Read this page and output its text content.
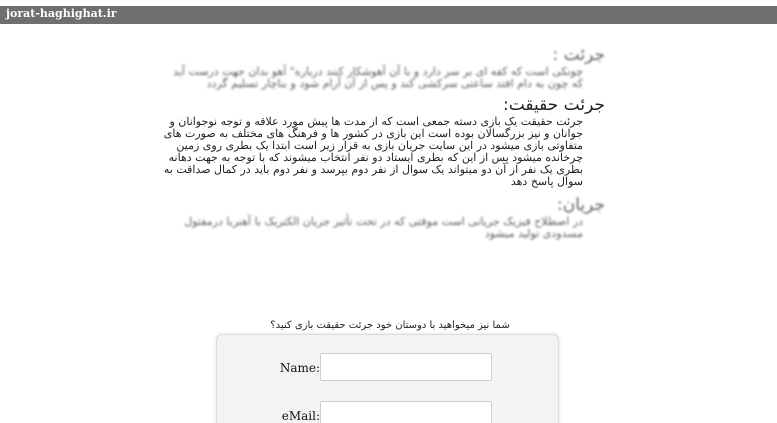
jorat-haghighat.ir
جرئت :
چونکی است که کفه ای بر سر دارد و با آن آهوشکار کنند درباره" آهو بدان جهت درست آید که چون به دام افتد ساعتی سرکشی کند و پس از آن آرام شود و بناچار تسلیم گردد
جرئت حقیقت:
جرئت حقیقت یک بازی دسته جمعی است که از مدت ها پیش مورد علاقه و توجه نوجوانان و جوانان و نیز بزرگسالان بوده است این بازی در کشور ها و فرهنگ های مختلف به صورت های متفاوتی بازی میشود در این سایت جریان بازی به قرار زیر است ابتدا یک بطری روی زمین چرخانده میشود پس از این که بطری ایستاد دو نفر انتخاب میشوند که با توجه به جهت دهانه بطری یک نفر از آن دو میتواند یک سوال از نفر دوم بپرسد و نفر دوم باید در کمال صداقت به سوال پاسخ دهد
جریان:
در اصطلاح فیزیک جریانی است موقتی که در تحت تأثیر جریان الکتریک با آهنربا درمفتول مسدودی تولید میشود
شما نیز میخواهید با دوستان خود جرئت حقیقت بازی کنید؟
Name:
eMail:
